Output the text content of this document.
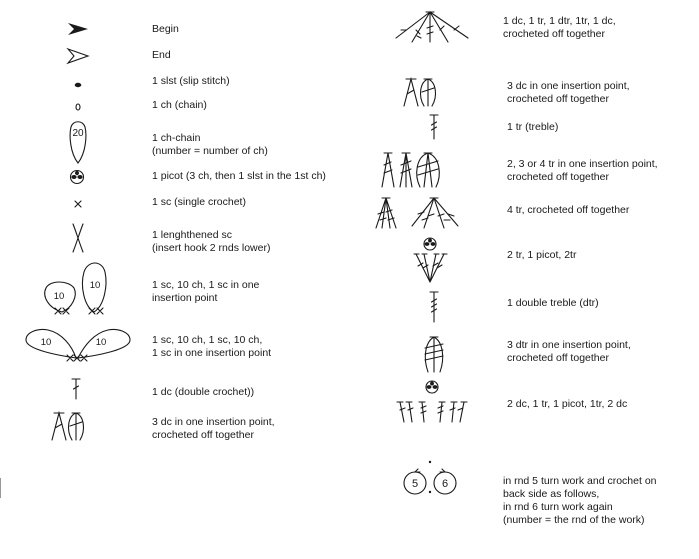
20
10
10
10	10
Begin
End
1 slst (slip stitch)
1 ch (chain)
1 ch-chain
(number = number of ch)
1 picot (3 ch, then 1 slst in the 1st ch)
1 sc (single crochet)
1 lenghthened sc
(insert hook 2 rnds lower)
1 sc, 10 ch, 1 sc in one
insertion point
1 sc, 10 ch, 1 sc, 10 ch,
1 sc in one insertion point
1 dc (double crochet))
3 dc in one insertion point,
crocheted off together
5 6
1 dc, 1 tr, 1 dtr, 1tr, 1 dc,
crocheted off together
3 dc in one insertion point,
crocheted off together
1 tr (treble)
2, 3 or 4 tr in one insertion point,
crocheted off together
4 tr, crocheted off together
2 tr, 1 picot, 2tr
1 double treble (dtr)
3 dtr in one insertion point,
crocheted off together
2 dc, 1 tr, 1 picot, 1tr, 2 dc
in rnd 5 turn work and crochet on
back side as follows,
in rnd 6 turn work again
(number = the rnd of the work)
